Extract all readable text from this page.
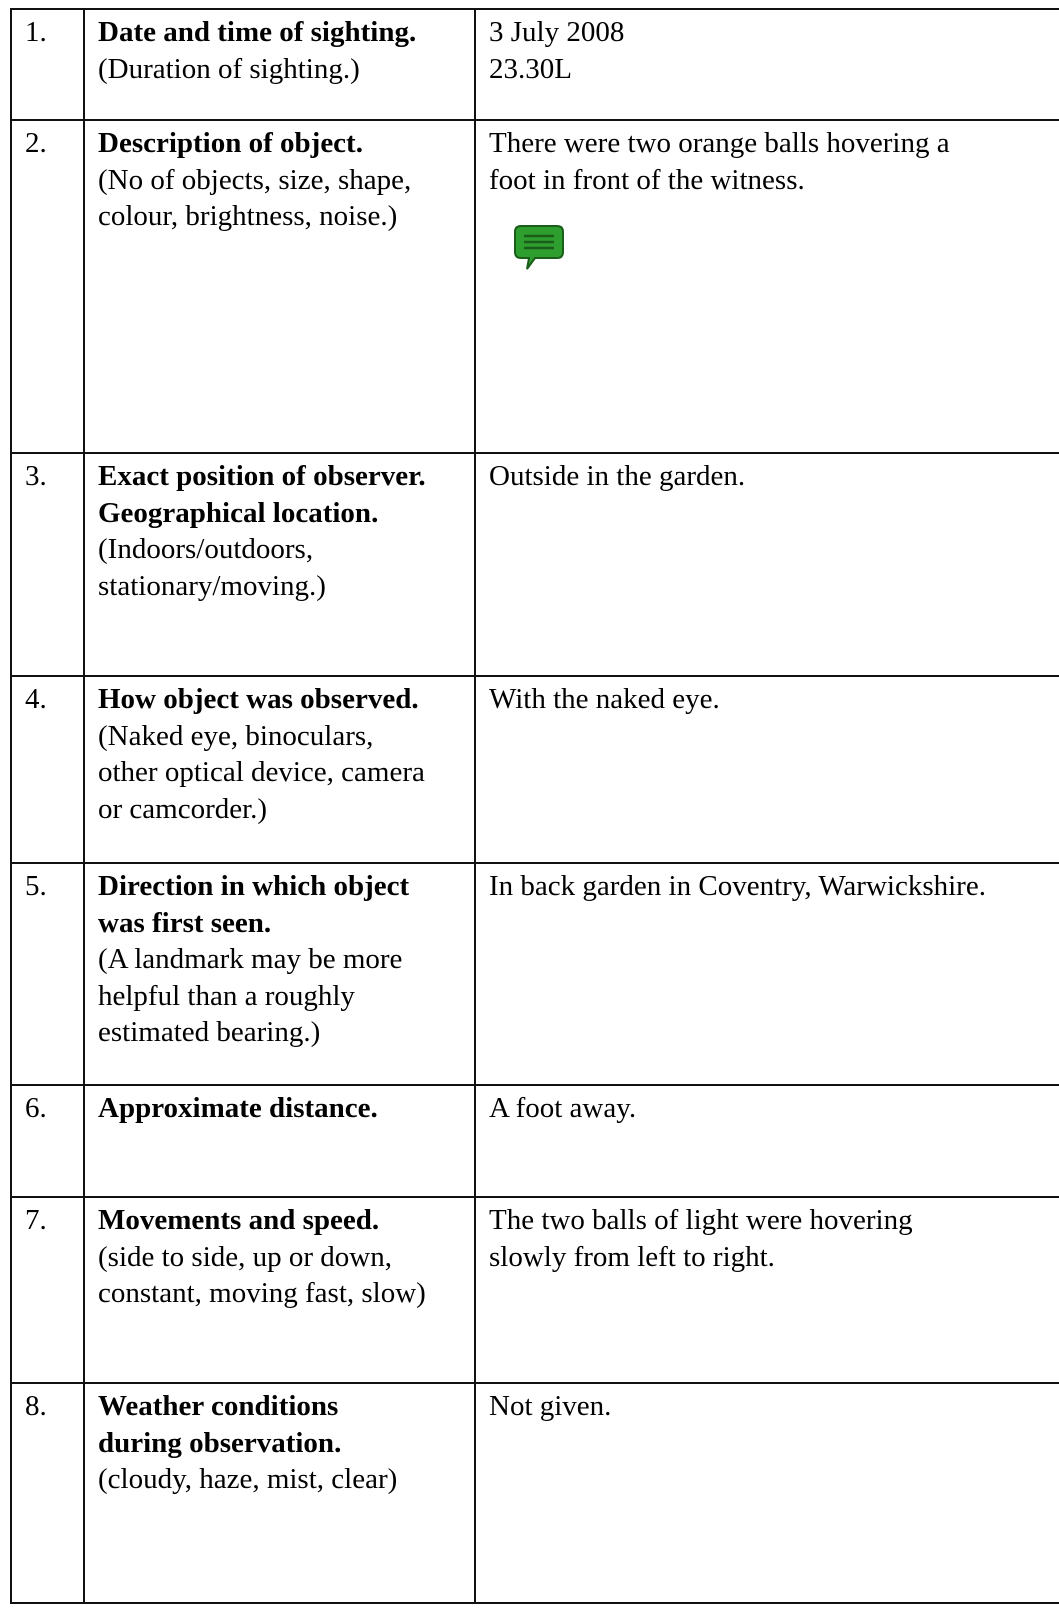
1.	Date and time of sighting.
(Duration of sighting.)	3 July 2008
23.30L

2.	Description of object.
(No of objects, size, shape,
colour, brightness, noise.)	There were two orange balls hovering a
foot in front of the witness.

3.	Exact position of observer.
Geographical location.
(Indoors/outdoors,
stationary/moving.)	Outside in the garden.

4.	How object was observed.
(Naked eye, binoculars,
other optical device, camera
or camcorder.)	With the naked eye.

5.	Direction in which object
was first seen.
(A landmark may be more
helpful than a roughly
estimated bearing.)	In back garden in Coventry, Warwickshire.

6.	Approximate distance.	A foot away.

7.	Movements and speed.
(side to side, up or down,
constant, moving fast, slow)	The two balls of light were hovering
slowly from left to right.

8.	Weather conditions
during observation.
(cloudy, haze, mist, clear)	Not given.
